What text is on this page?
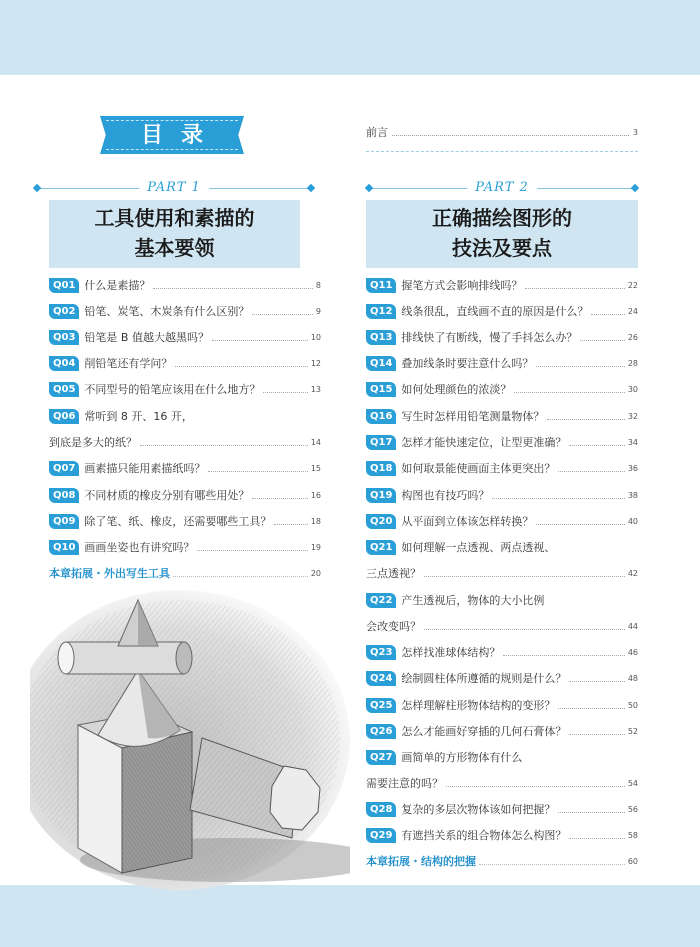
目录	前言	3
PART 1
工具使用和素描的
基本要领
PART 2
正确描绘图形的
技法及要点
Q01 什么是素描？	8
Q02 铅笔、炭笔、木炭条有什么区别？	9
Q03 铅笔是 B 值越大越黑吗？	10
Q04 削铅笔还有学问？	12
Q05 不同型号的铅笔应该用在什么地方？	13
Q06 常听到 8 开、16 开，
到底是多大的纸？	14
Q07 画素描只能用素描纸吗？	15
Q08 不同材质的橡皮分别有哪些用处？	16
Q09 除了笔、纸、橡皮，还需要哪些工具？	18
Q10 画画坐姿也有讲究吗？	19
本章拓展・外出写生工具	20
Q11 握笔方式会影响排线吗？	22
Q12 线条很乱，直线画不直的原因是什么？	24
Q13 排线快了有断线，慢了手抖怎么办？	26
Q14 叠加线条时要注意什么吗？	28
Q15 如何处理颜色的浓淡？	30
Q16 写生时怎样用铅笔测量物体？	32
Q17 怎样才能快速定位，让型更准确？	34
Q18 如何取景能使画面主体更突出？	36
Q19 构图也有技巧吗？	38
Q20 从平面到立体该怎样转换？	40
Q21 如何理解一点透视、两点透视、
三点透视？	42
Q22 产生透视后，物体的大小比例
会改变吗？	44
Q23 怎样找准球体结构？	46
Q24 绘制圆柱体所遵循的规则是什么？	48
Q25 怎样理解柱形物体结构的变形？	50
Q26 怎么才能画好穿插的几何石膏体？	52
Q27 画简单的方形物体有什么
需要注意的吗？	54
Q28 复杂的多层次物体该如何把握？	56
Q29 有遮挡关系的组合物体怎么构图？	58
本章拓展・结构的把握	60
